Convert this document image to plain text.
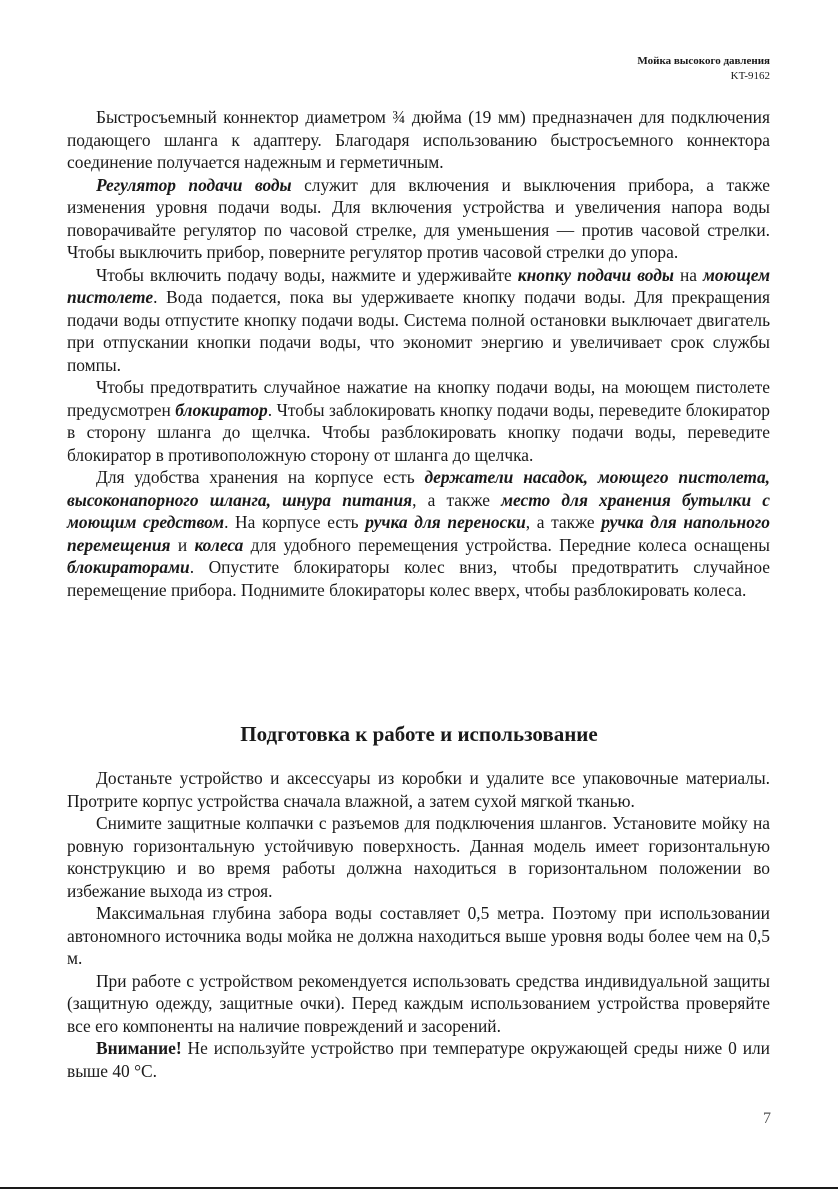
Мойка высокого давления
KT-9162

Быстросъемный коннектор диаметром ¾ дюйма (19 мм) предназначен для подключения подающего шланга к адаптеру. Благодаря использованию быстросъемного коннектора соединение получается надежным и герметичным.

Регулятор подачи воды служит для включения и выключения прибора, а также изменения уровня подачи воды. Для включения устройства и увеличения напора воды поворачивайте регулятор по часовой стрелке, для уменьшения — против часовой стрелки. Чтобы выключить прибор, поверните регулятор против часовой стрелки до упора.

Чтобы включить подачу воды, нажмите и удерживайте кнопку подачи воды на моющем пистолете. Вода подается, пока вы удерживаете кнопку подачи воды. Для прекращения подачи воды отпустите кнопку подачи воды. Система полной остановки выключает двигатель при отпускании кнопки подачи воды, что экономит энергию и увеличивает срок службы помпы.

Чтобы предотвратить случайное нажатие на кнопку подачи воды, на моющем пистолете предусмотрен блокиратор. Чтобы заблокировать кнопку подачи воды, переведите блокиратор в сторону шланга до щелчка. Чтобы разблокировать кнопку подачи воды, переведите блокиратор в противоположную сторону от шланга до щелчка.

Для удобства хранения на корпусе есть держатели насадок, моющего пистолета, высоконапорного шланга, шнура питания, а также место для хранения бутылки с моющим средством. На корпусе есть ручка для переноски, а также ручка для напольного перемещения и колеса для удобного перемещения устройства. Передние колеса оснащены блокираторами. Опустите блокираторы колес вниз, чтобы предотвратить случайное перемещение прибора. Поднимите блокираторы колес вверх, чтобы разблокировать колеса.

Подготовка к работе и использование

Достаньте устройство и аксессуары из коробки и удалите все упаковочные материалы. Протрите корпус устройства сначала влажной, а затем сухой мягкой тканью.

Снимите защитные колпачки с разъемов для подключения шлангов. Установите мойку на ровную горизонтальную устойчивую поверхность. Данная модель имеет горизонтальную конструкцию и во время работы должна находиться в горизонтальном положении во избежание выхода из строя.

Максимальная глубина забора воды составляет 0,5 метра. Поэтому при использовании автономного источника воды мойка не должна находиться выше уровня воды более чем на 0,5 м.

При работе с устройством рекомендуется использовать средства индивидуальной защиты (защитную одежду, защитные очки). Перед каждым использованием устройства проверяйте все его компоненты на наличие повреждений и засорений.

Внимание! Не используйте устройство при температуре окружающей среды ниже 0 или выше 40 °С.

7
